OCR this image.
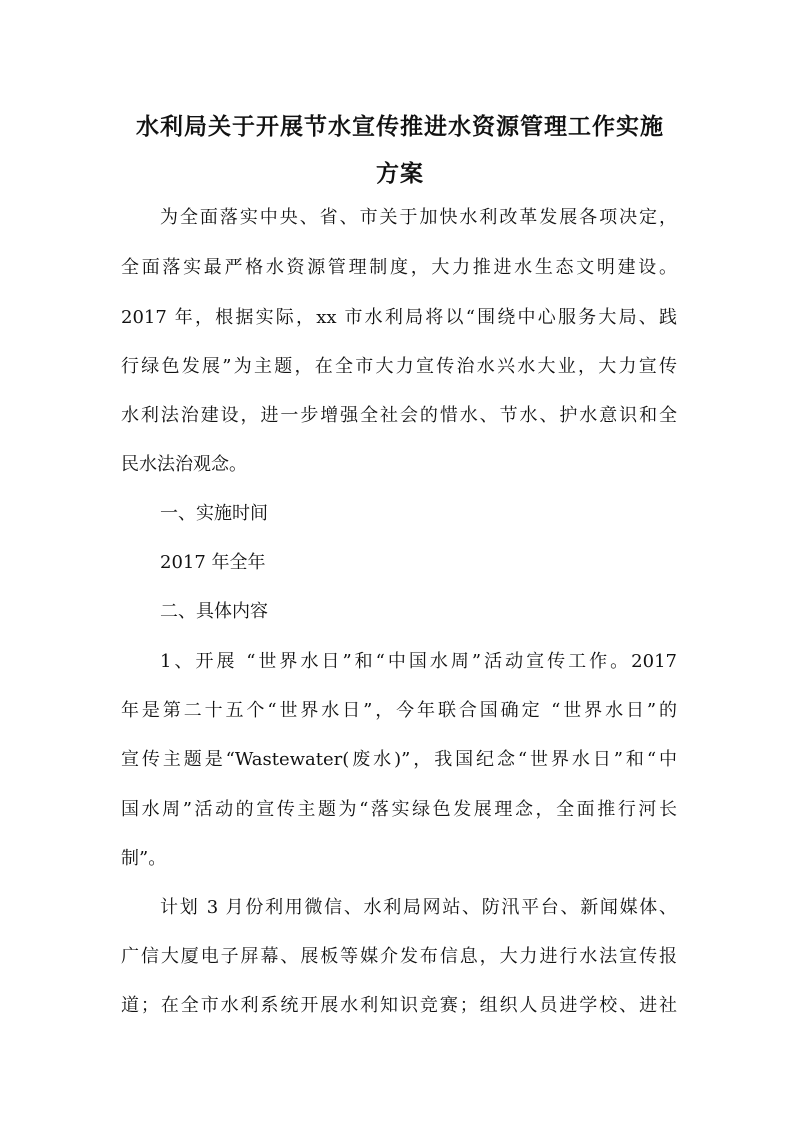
水利局关于开展节水宣传推进水资源管理工作实施
方案
为全面落实中央、省、市关于加快水利改革发展各项决定，
全面落实最严格水资源管理制度，大力推进水生态文明建设。
2017 年，根据实际，xx 市水利局将以“围绕中心服务大局、践
行绿色发展”为主题，在全市大力宣传治水兴水大业，大力宣传
水利法治建设，进一步增强全社会的惜水、节水、护水意识和全
民水法治观念。
一、实施时间
2017 年全年
二、具体内容
1、开展 “世界水日”和“中国水周”活动宣传工作。2017
年是第二十五个“世界水日”，今年联合国确定 “世界水日”的
宣传主题是“Wastewater(废水)”，我国纪念“世界水日”和“中
国水周”活动的宣传主题为“落实绿色发展理念，全面推行河长
制”。
计划 3 月份利用微信、水利局网站、防汛平台、新闻媒体、
广信大厦电子屏幕、展板等媒介发布信息，大力进行水法宣传报
道；在全市水利系统开展水利知识竞赛；组织人员进学校、进社
